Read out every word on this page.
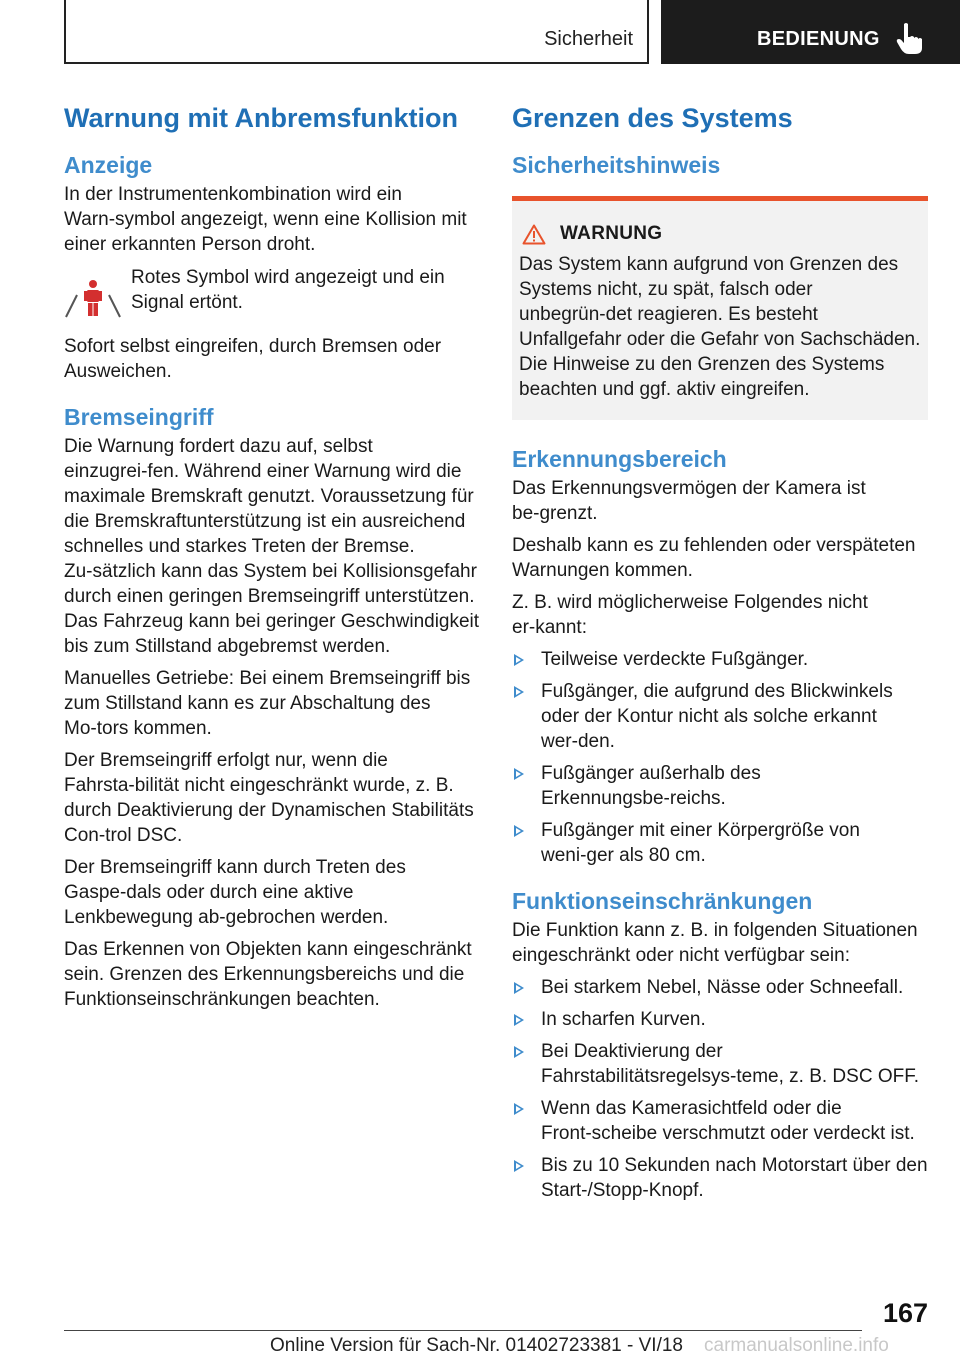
Sicherheit	BEDIENUNG
Warnung mit Anbremsfunktion
Anzeige

In der Instrumentenkombination wird ein Warn‑symbol angezeigt, wenn eine Kollision mit einer erkannten Person droht.

Rotes Symbol wird angezeigt und ein Signal ertönt.

Sofort selbst eingreifen, durch Bremsen oder Ausweichen.

Bremseingriff

Die Warnung fordert dazu auf, selbst einzugrei‑fen. Während einer Warnung wird die maximale Bremskraft genutzt. Voraussetzung für die Bremskraftunterstützung ist ein ausreichend schnelles und starkes Treten der Bremse. Zu‑sätzlich kann das System bei Kollisionsgefahr durch einen geringen Bremseingriff unterstützen. Das Fahrzeug kann bei geringer Geschwindigkeit bis zum Stillstand abgebremst werden.

Manuelles Getriebe: Bei einem Bremseingriff bis zum Stillstand kann es zur Abschaltung des Mo‑tors kommen.

Der Bremseingriff erfolgt nur, wenn die Fahrsta‑bilität nicht eingeschränkt wurde, z. B. durch Deaktivierung der Dynamischen Stabilitäts Con‑trol DSC.

Der Bremseingriff kann durch Treten des Gaspe‑dals oder durch eine aktive Lenkbewegung ab‑gebrochen werden.

Das Erkennen von Objekten kann eingeschränkt sein. Grenzen des Erkennungsbereichs und die Funktionseinschränkungen beachten.

Grenzen des Systems
Sicherheitshinweis
WARNUNG

Das System kann aufgrund von Grenzen des Systems nicht, zu spät, falsch oder unbegrün‑det reagieren. Es besteht Unfallgefahr oder die Gefahr von Sachschäden. Die Hinweise zu den Grenzen des Systems beachten und ggf. aktiv eingreifen.

Erkennungsbereich

Das Erkennungsvermögen der Kamera ist be‑grenzt.

Deshalb kann es zu fehlenden oder verspäteten Warnungen kommen.

Z. B. wird möglicherweise Folgendes nicht er‑kannt:

Teilweise verdeckte Fußgänger.
Fußgänger, die aufgrund des Blickwinkels oder der Kontur nicht als solche erkannt wer‑den.
Fußgänger außerhalb des Erkennungsbe‑reichs.
Fußgänger mit einer Körpergröße von weni‑ger als 80 cm.
Funktionseinschränkungen

Die Funktion kann z. B. in folgenden Situationen eingeschränkt oder nicht verfügbar sein:

Bei starkem Nebel, Nässe oder Schneefall.
In scharfen Kurven.
Bei Deaktivierung der Fahrstabilitätsregelsys‑teme, z. B. DSC OFF.
Wenn das Kamerasichtfeld oder die Front‑scheibe verschmutzt oder verdeckt ist.
Bis zu 10 Sekunden nach Motorstart über den Start-/Stopp-Knopf.
167
Online Version für Sach-Nr. 01402723381 - VI/18 carmanualsonline.info
